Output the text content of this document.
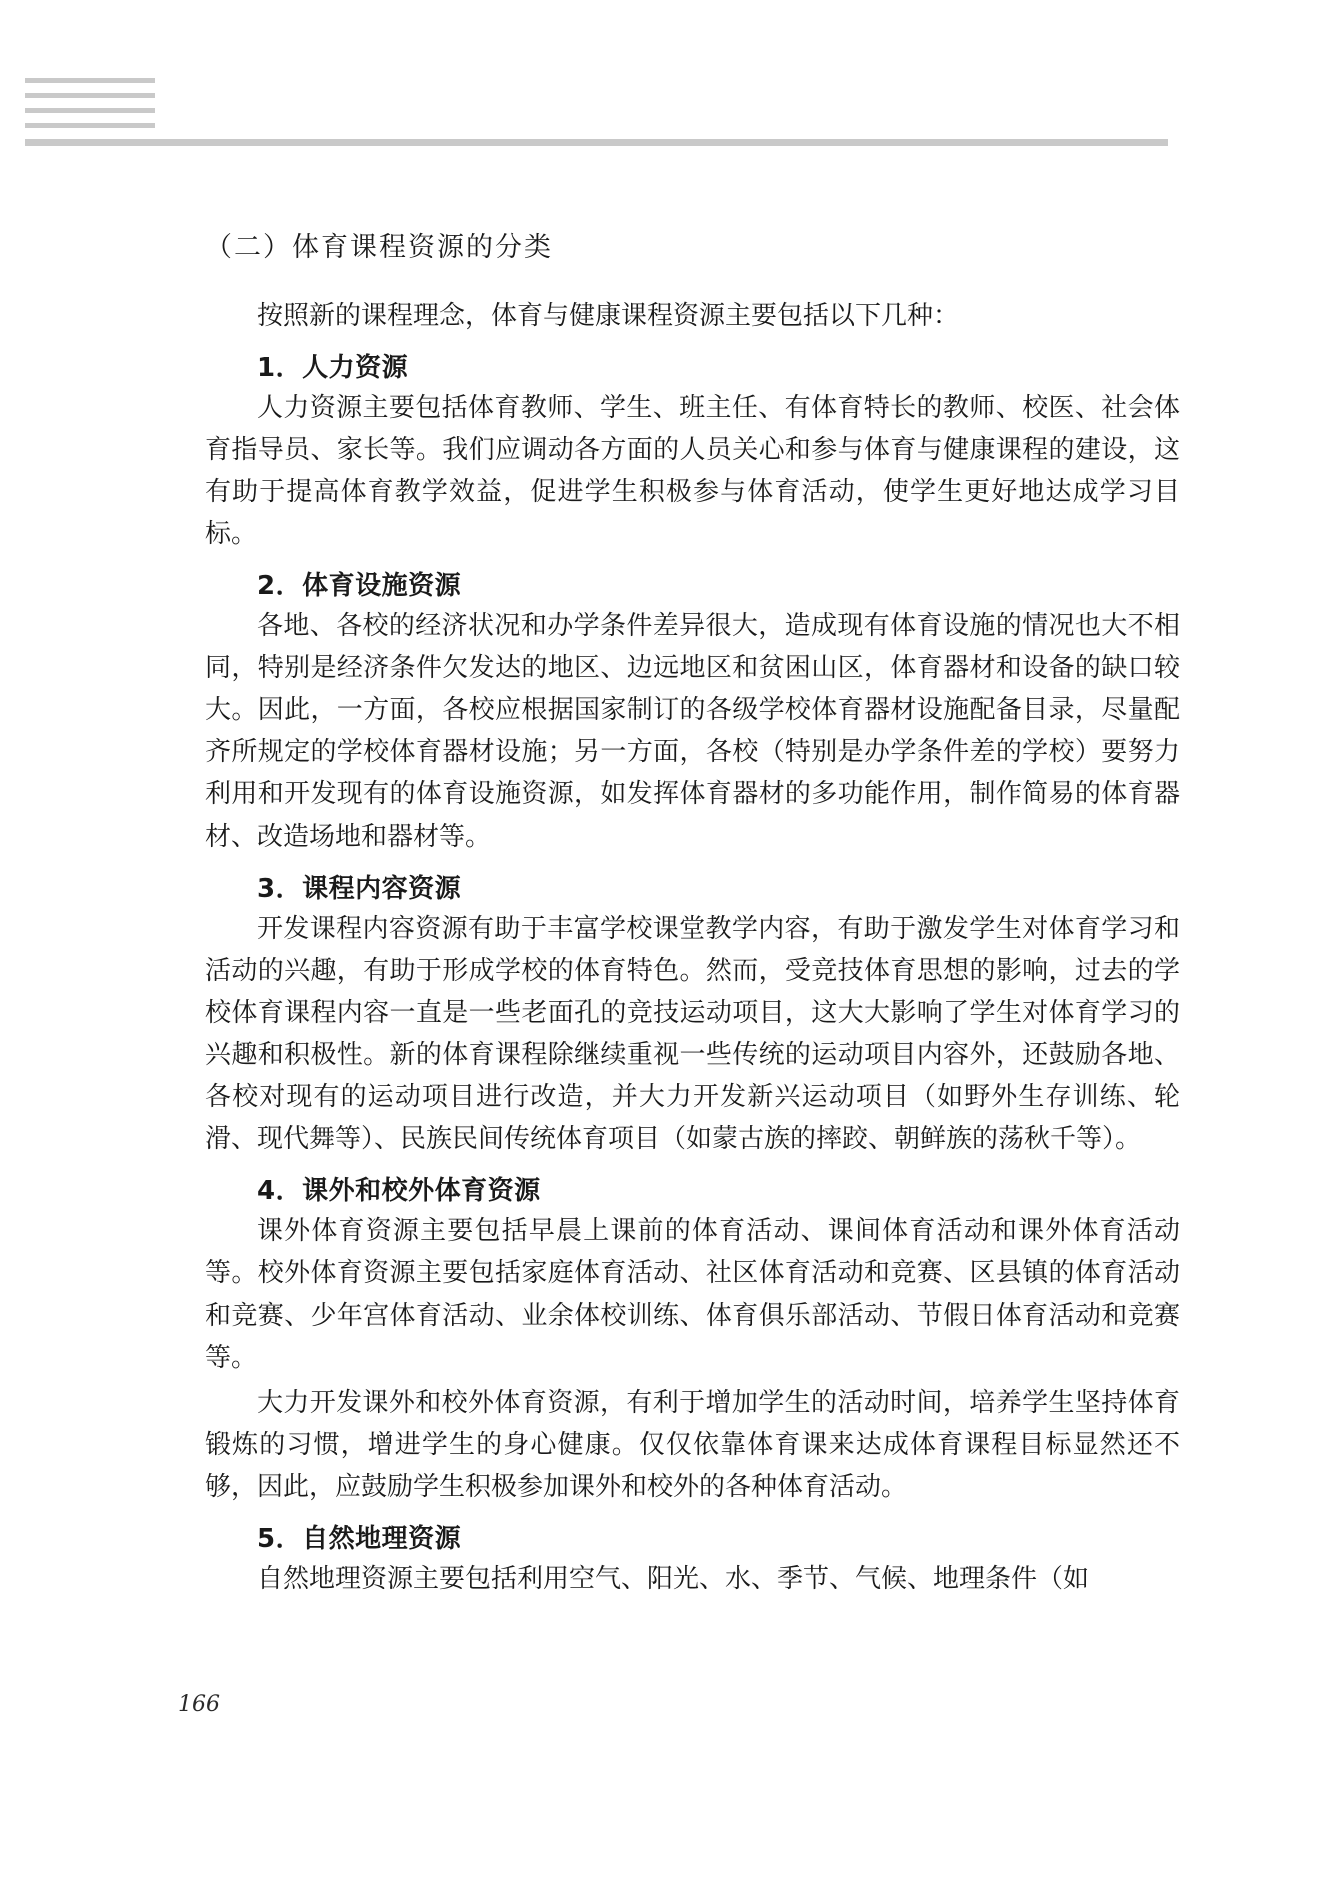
（二）体育课程资源的分类

按照新的课程理念，体育与健康课程资源主要包括以下几种：

1．人力资源

人力资源主要包括体育教师、学生、班主任、有体育特长的教师、校医、社会体育指导员、家长等。我们应调动各方面的人员关心和参与体育与健康课程的建设，这有助于提高体育教学效益，促进学生积极参与体育活动，使学生更好地达成学习目标。

2．体育设施资源

各地、各校的经济状况和办学条件差异很大，造成现有体育设施的情况也大不相同，特别是经济条件欠发达的地区、边远地区和贫困山区，体育器材和设备的缺口较大。因此，一方面，各校应根据国家制订的各级学校体育器材设施配备目录，尽量配齐所规定的学校体育器材设施；另一方面，各校（特别是办学条件差的学校）要努力利用和开发现有的体育设施资源，如发挥体育器材的多功能作用，制作简易的体育器材、改造场地和器材等。

3．课程内容资源

开发课程内容资源有助于丰富学校课堂教学内容，有助于激发学生对体育学习和活动的兴趣，有助于形成学校的体育特色。然而，受竞技体育思想的影响，过去的学校体育课程内容一直是一些老面孔的竞技运动项目，这大大影响了学生对体育学习的兴趣和积极性。新的体育课程除继续重视一些传统的运动项目内容外，还鼓励各地、各校对现有的运动项目进行改造，并大力开发新兴运动项目（如野外生存训练、轮滑、现代舞等）、民族民间传统体育项目（如蒙古族的摔跤、朝鲜族的荡秋千等）。

4．课外和校外体育资源

课外体育资源主要包括早晨上课前的体育活动、课间体育活动和课外体育活动等。校外体育资源主要包括家庭体育活动、社区体育活动和竞赛、区县镇的体育活动和竞赛、少年宫体育活动、业余体校训练、体育俱乐部活动、节假日体育活动和竞赛等。

大力开发课外和校外体育资源，有利于增加学生的活动时间，培养学生坚持体育锻炼的习惯，增进学生的身心健康。仅仅依靠体育课来达成体育课程目标显然还不够，因此，应鼓励学生积极参加课外和校外的各种体育活动。

5．自然地理资源

自然地理资源主要包括利用空气、阳光、水、季节、气候、地理条件（如

166
